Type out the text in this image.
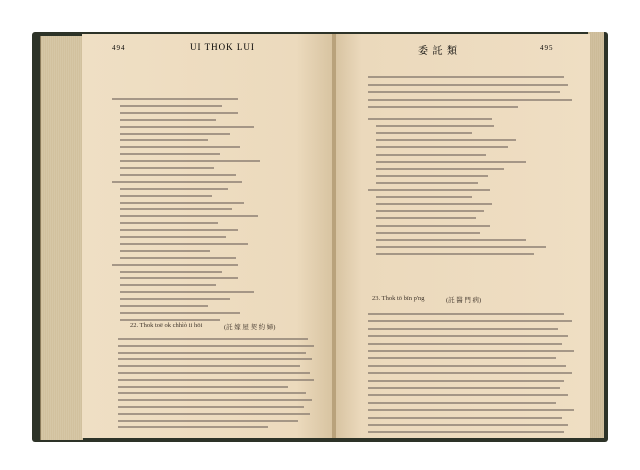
494	UI THOK LUI	委 託 類	495
22. Thok toë ok chhìò ii hōi	(託 嫁 屋 契 約 婦)
23. Thok tō bīn p'ng	(託 醫 門 病)
